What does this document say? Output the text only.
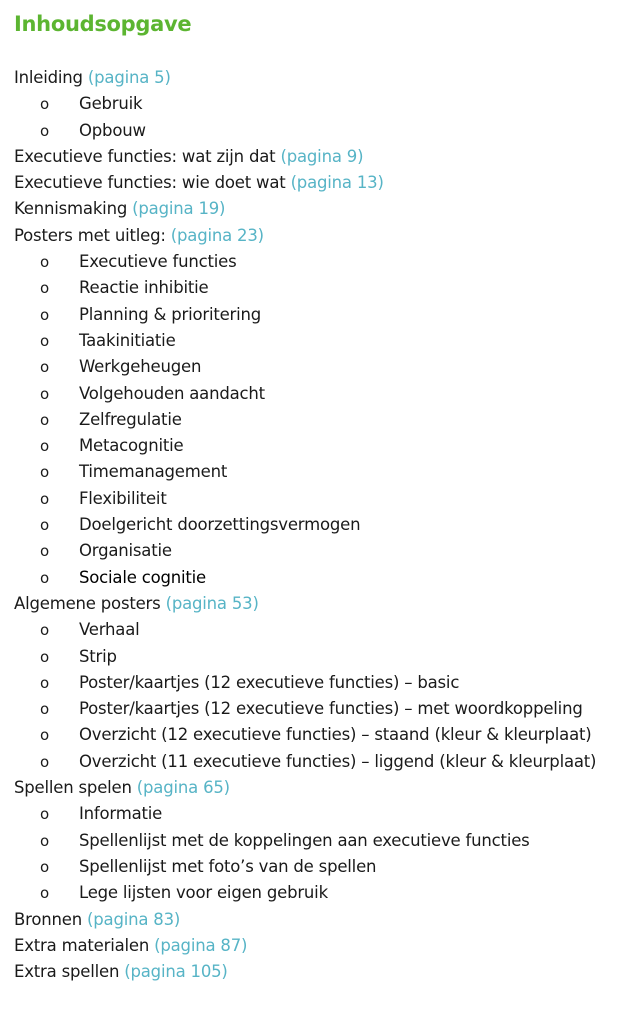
Inhoudsopgave
Inleiding (pagina 5)
o Gebruik
o Opbouw
Executieve functies: wat zijn dat (pagina 9)
Executieve functies: wie doet wat (pagina 13)
Kennismaking (pagina 19)
Posters met uitleg: (pagina 23)
o Executieve functies
o Reactie inhibitie
o Planning & prioritering
o Taakinitiatie
o Werkgeheugen
o Volgehouden aandacht
o Zelfregulatie
o Metacognitie
o Timemanagement
o Flexibiliteit
o Doelgericht doorzettingsvermogen
o Organisatie
o Sociale cognitie
Algemene posters (pagina 53)
o Verhaal
o Strip
o Poster/kaartjes (12 executieve functies) – basic
o Poster/kaartjes (12 executieve functies) – met woordkoppeling
o Overzicht (12 executieve functies) – staand (kleur & kleurplaat)
o Overzicht (11 executieve functies) – liggend (kleur & kleurplaat)
Spellen spelen (pagina 65)
o Informatie
o Spellenlijst met de koppelingen aan executieve functies
o Spellenlijst met foto’s van de spellen
o Lege lijsten voor eigen gebruik
Bronnen (pagina 83)
Extra materialen (pagina 87)
Extra spellen (pagina 105)
